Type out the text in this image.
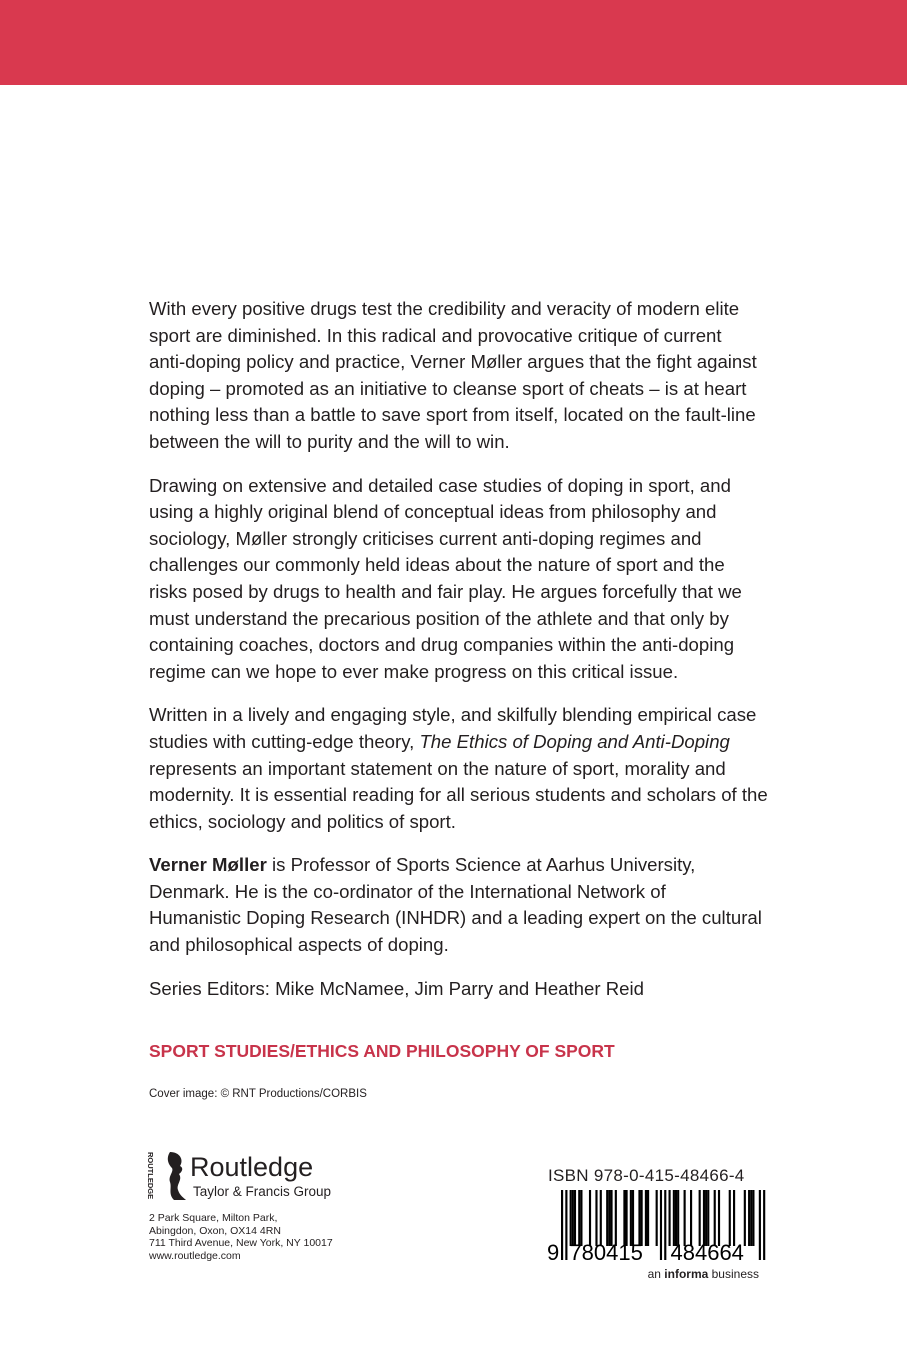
With every positive drugs test the credibility and veracity of modern elite
sport are diminished. In this radical and provocative critique of current
anti-doping policy and practice, Verner Møller argues that the fight against
doping – promoted as an initiative to cleanse sport of cheats – is at heart
nothing less than a battle to save sport from itself, located on the fault-line
between the will to purity and the will to win.

Drawing on extensive and detailed case studies of doping in sport, and
using a highly original blend of conceptual ideas from philosophy and
sociology, Møller strongly criticises current anti-doping regimes and
challenges our commonly held ideas about the nature of sport and the
risks posed by drugs to health and fair play. He argues forcefully that we
must understand the precarious position of the athlete and that only by
containing coaches, doctors and drug companies within the anti-doping
regime can we hope to ever make progress on this critical issue.

Written in a lively and engaging style, and skilfully blending empirical case
studies with cutting-edge theory, The Ethics of Doping and Anti-Doping
represents an important statement on the nature of sport, morality and
modernity. It is essential reading for all serious students and scholars of the
ethics, sociology and politics of sport.

Verner Møller is Professor of Sports Science at Aarhus University,
Denmark. He is the co-ordinator of the International Network of
Humanistic Doping Research (INHDR) and a leading expert on the cultural
and philosophical aspects of doping.

Series Editors: Mike McNamee, Jim Parry and Heather Reid

SPORT STUDIES/ETHICS AND PHILOSOPHY OF SPORT
Cover image: © RNT Productions/CORBIS
ROUTLEDGE Routledge
Taylor & Francis Group
2 Park Square, Milton Park,
Abingdon, Oxon, OX14 4RN
711 Third Avenue, New York, NY 10017
www.routledge.com
ISBN 978-0-415-48466-4
9 780415 484664
an informa business
